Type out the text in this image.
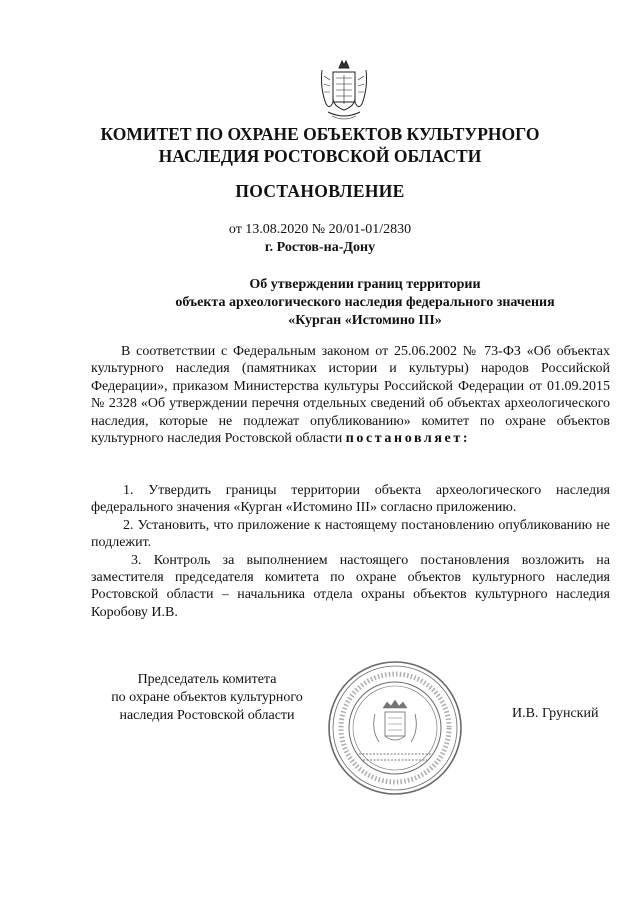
КОМИТЕТ ПО ОХРАНЕ ОБЪЕКТОВ КУЛЬТУРНОГО
НАСЛЕДИЯ РОСТОВСКОЙ ОБЛАСТИ
ПОСТАНОВЛЕНИЕ
от 13.08.2020 № 20/01-01/2830
г. Ростов-на-Дону
Об утверждении границ территории
объекта археологического наследия федерального значения
«Курган «Истомино III»
В соответствии с Федеральным законом от 25.06.2002 № 73-ФЗ «Об объектах культурного наследия (памятниках истории и культуры) народов Российской Федерации», приказом Министерства культуры Российской Федерации от 01.09.2015 № 2328 «Об утверждении перечня отдельных сведений об объектах археологического наследия, которые не подлежат опубликованию» комитет по охране объектов культурного наследия Ростовской области постановляет:

1. Утвердить границы территории объекта археологического наследия федерального значения «Курган «Истомино III» согласно приложению.

2. Установить, что приложение к настоящему постановлению опубликованию не подлежит.

3. Контроль за выполнением настоящего постановления возложить на заместителя председателя комитета по охране объектов культурного наследия Ростовской области – начальника отдела охраны объектов культурного наследия Коробову И.В.

Председатель комитета
по охране объектов культурного
наследия Ростовской области	И.В. Грунский
